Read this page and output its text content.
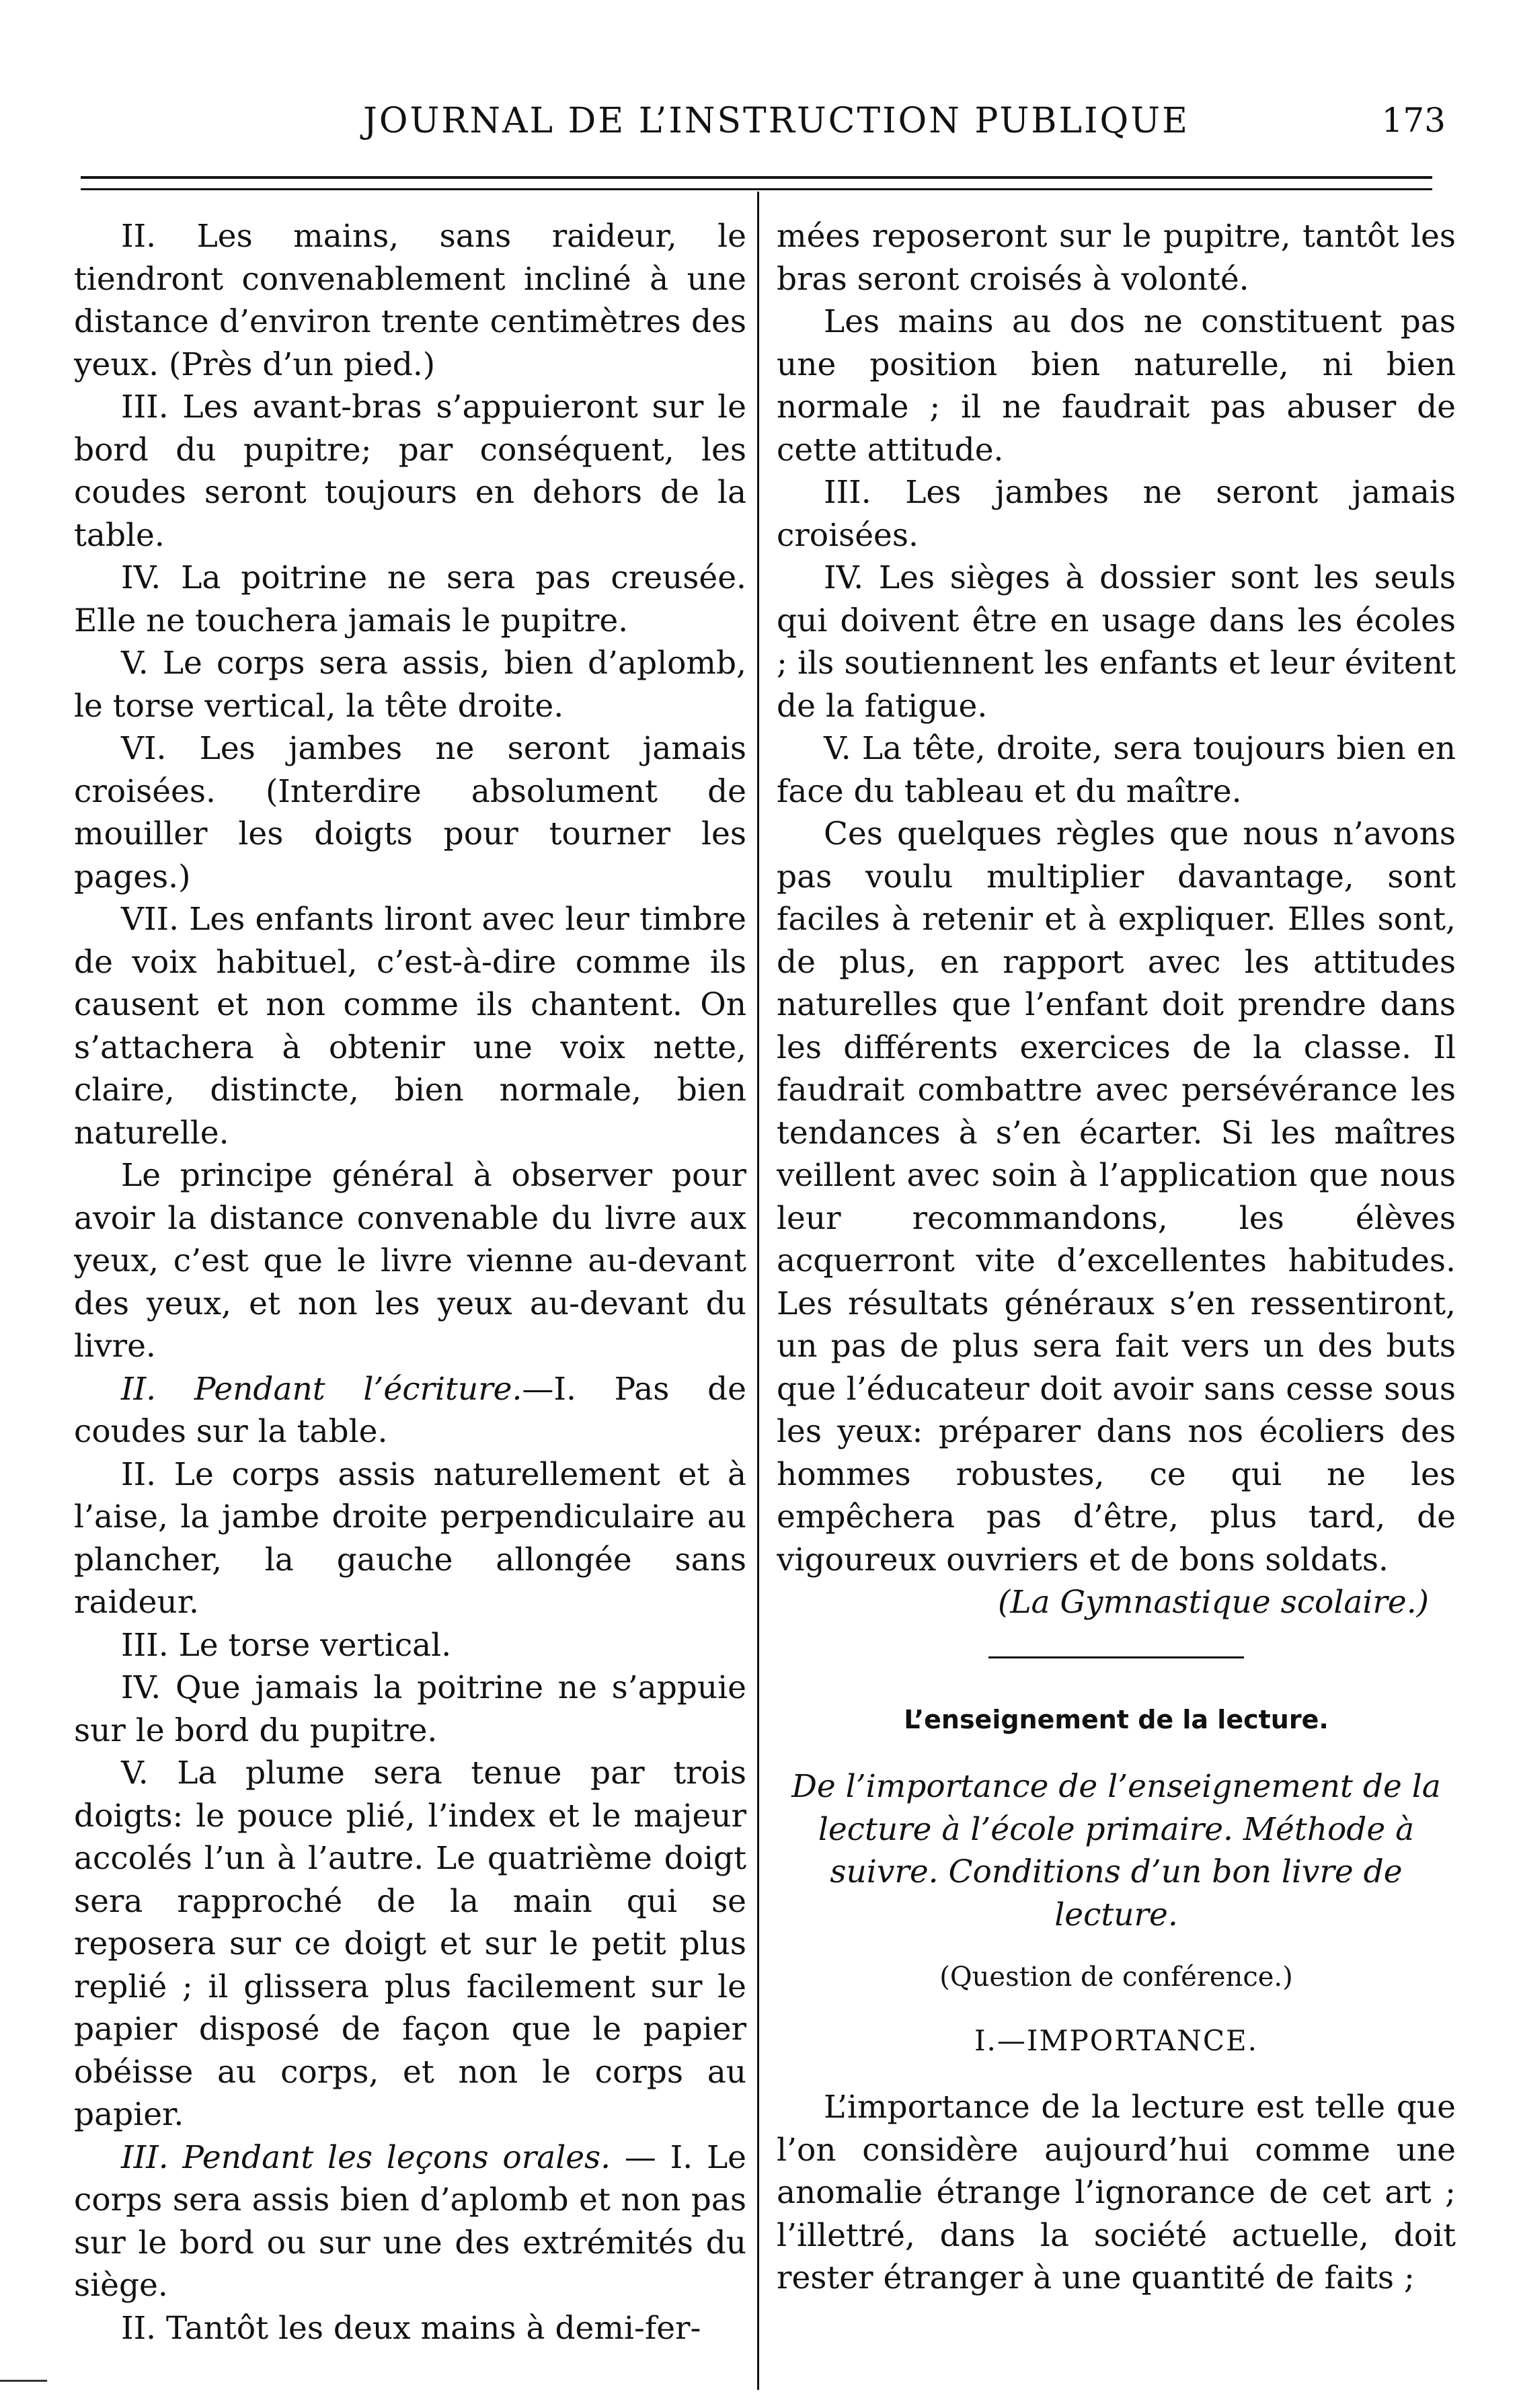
JOURNAL DE L’INSTRUCTION PUBLIQUE	173

II. Les mains, sans raideur, le tiendront convenablement incliné à une distance d’environ trente centimètres des yeux. (Près d’un pied.)

III. Les avant-bras s’appuieront sur le bord du pupitre; par conséquent, les coudes seront toujours en dehors de la table.

IV. La poitrine ne sera pas creusée. Elle ne touchera jamais le pupitre.

V. Le corps sera assis, bien d’aplomb, le torse vertical, la tête droite.

VI. Les jambes ne seront jamais croisées. (Interdire absolument de mouiller les doigts pour tourner les pages.)

VII. Les enfants liront avec leur timbre de voix habituel, c’est-à-dire comme ils causent et non comme ils chantent. On s’attachera à obtenir une voix nette, claire, distincte, bien normale, bien naturelle.

Le principe général à observer pour avoir la distance convenable du livre aux yeux, c’est que le livre vienne au-devant des yeux, et non les yeux au-devant du livre.

II. Pendant l’écriture.—I. Pas de coudes sur la table.

II. Le corps assis naturellement et à l’aise, la jambe droite perpendiculaire au plancher, la gauche allongée sans raideur.

III. Le torse vertical.

IV. Que jamais la poitrine ne s’appuie sur le bord du pupitre.

V. La plume sera tenue par trois doigts: le pouce plié, l’index et le majeur accolés l’un à l’autre. Le quatrième doigt sera rapproché de la main qui se reposera sur ce doigt et sur le petit plus replié ; il glissera plus facilement sur le papier disposé de façon que le papier obéisse au corps, et non le corps au papier.

III. Pendant les leçons orales. — I. Le corps sera assis bien d’aplomb et non pas sur le bord ou sur une des extrémités du siège.

II. Tantôt les deux mains à demi-fer-

mées reposeront sur le pupitre, tantôt les bras seront croisés à volonté.

Les mains au dos ne constituent pas une position bien naturelle, ni bien normale ; il ne faudrait pas abuser de cette attitude.

III. Les jambes ne seront jamais croisées.

IV. Les sièges à dossier sont les seuls qui doivent être en usage dans les écoles ; ils soutiennent les enfants et leur évitent de la fatigue.

V. La tête, droite, sera toujours bien en face du tableau et du maître.

Ces quelques règles que nous n’avons pas voulu multiplier davantage, sont faciles à retenir et à expliquer. Elles sont, de plus, en rapport avec les attitudes naturelles que l’enfant doit prendre dans les différents exercices de la classe. Il faudrait combattre avec persévérance les tendances à s’en écarter. Si les maîtres veillent avec soin à l’application que nous leur recommandons, les élèves acquerront vite d’excellentes habitudes. Les résultats généraux s’en ressentiront, un pas de plus sera fait vers un des buts que l’éducateur doit avoir sans cesse sous les yeux: préparer dans nos écoliers des hommes robustes, ce qui ne les empêchera pas d’être, plus tard, de vigoureux ouvriers et de bons soldats.

(La Gymnastique scolaire.)

L’enseignement de la lecture.

De l’importance de l’enseignement de la lecture à l’école primaire. Méthode à suivre. Conditions d’un bon livre de lecture.

(Question de conférence.)

I.—IMPORTANCE.

L’importance de la lecture est telle que l’on considère aujourd’hui comme une anomalie étrange l’ignorance de cet art ; l’illettré, dans la société actuelle, doit rester étranger à une quantité de faits ;
